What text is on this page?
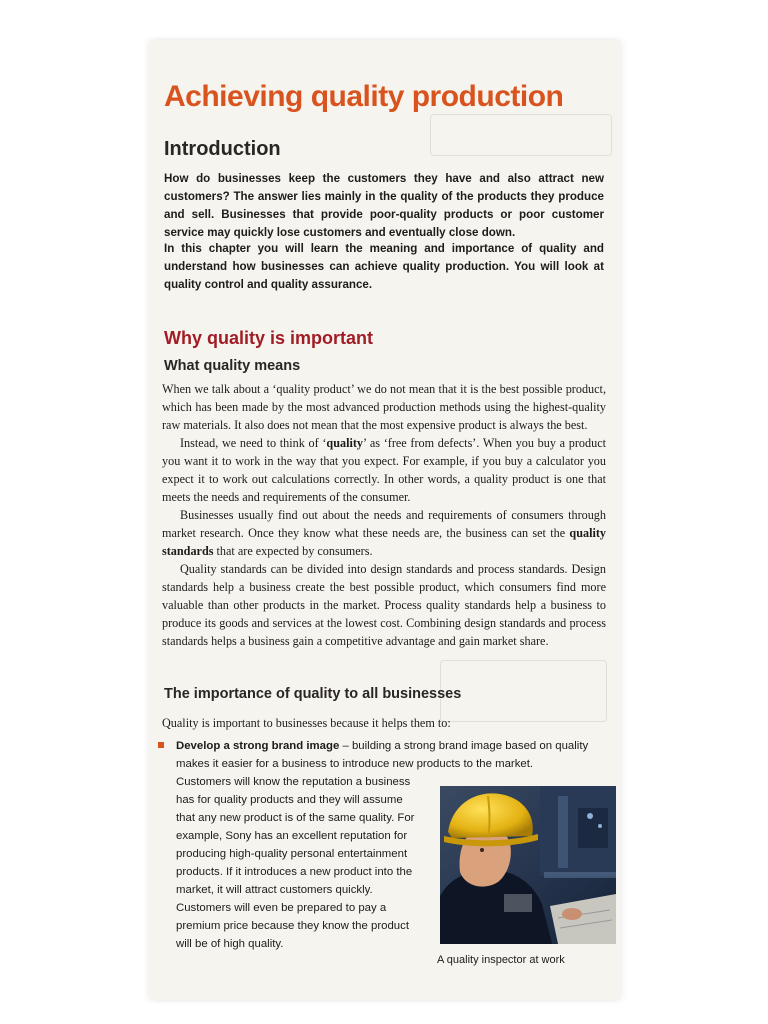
Achieving quality production
Introduction

How do businesses keep the customers they have and also attract new customers? The answer lies mainly in the quality of the products they produce and sell. Businesses that provide poor-quality products or poor customer service may quickly lose customers and eventually close down.

In this chapter you will learn the meaning and importance of quality and understand how businesses can achieve quality production. You will look at quality control and quality assurance.

Why quality is important
What quality means

When we talk about a ‘quality product’ we do not mean that it is the best possible product, which has been made by the most advanced production methods using the highest-quality raw materials. It also does not mean that the most expensive product is always the best.

Instead, we need to think of ‘quality’ as ‘free from defects’. When you buy a product you want it to work in the way that you expect. For example, if you buy a calculator you expect it to work out calculations correctly. In other words, a quality product is one that meets the needs and requirements of the consumer.

Businesses usually find out about the needs and requirements of consumers through market research. Once they know what these needs are, the business can set the quality standards that are expected by consumers.

Quality standards can be divided into design standards and process standards. Design standards help a business create the best possible product, which consumers find more valuable than other products in the market. Process quality standards help a business to produce its goods and services at the lowest cost. Combining design standards and process standards helps a business gain a competitive advantage and gain market share.

The importance of quality to all businesses

Quality is important to businesses because it helps them to:

Develop a strong brand image – building a strong brand image based on quality makes it easier for a business to introduce new products to the market.

Customers will know the reputation a business has for quality products and they will assume that any new product is of the same quality. For example, Sony has an excellent reputation for producing high-quality personal entertainment products. If it introduces a new product into the market, it will attract customers quickly. Customers will even be prepared to pay a premium price because they know the product will be of high quality.

A quality inspector at work
